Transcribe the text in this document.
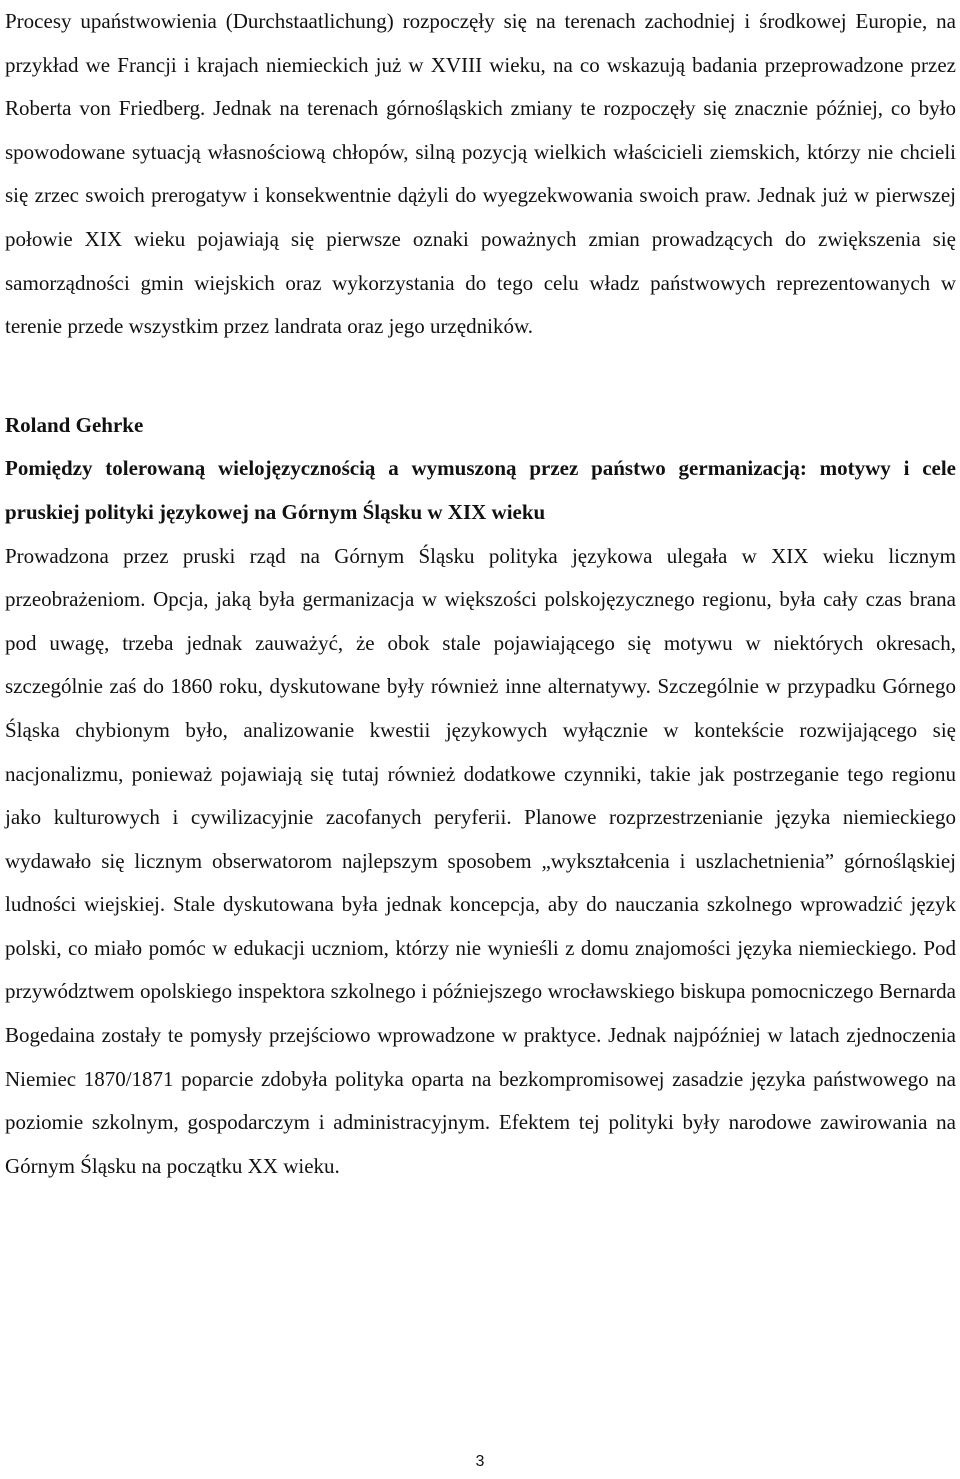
Procesy upaństwowienia (Durchstaatlichung) rozpoczęły się na terenach zachodniej i środkowej Europie, na przykład we Francji i krajach niemieckich już w XVIII wieku, na co wskazują badania przeprowadzone przez Roberta von Friedberg. Jednak na terenach górnośląskich zmiany te rozpoczęły się znacznie później, co było spowodowane sytuacją własnościową chłopów, silną pozycją wielkich właścicieli ziemskich, którzy nie chcieli się zrzec swoich prerogatyw i konsekwentnie dążyli do wyegzekwowania swoich praw. Jednak już w pierwszej połowie XIX wieku pojawiają się pierwsze oznaki poważnych zmian prowadzących do zwiększenia się samorządności gmin wiejskich oraz wykorzystania do tego celu władz państwowych reprezentowanych w terenie przede wszystkim przez landrata oraz jego urzędników.

Roland Gehrke
Pomiędzy tolerowaną wielojęzycznością a wymuszoną przez państwo germanizacją: motywy i cele pruskiej polityki językowej na Górnym Śląsku w XIX wieku

Prowadzona przez pruski rząd na Górnym Śląsku polityka językowa ulegała w XIX wieku licznym przeobrażeniom. Opcja, jaką była germanizacja w większości polskojęzycznego regionu, była cały czas brana pod uwagę, trzeba jednak zauważyć, że obok stale pojawiającego się motywu w niektórych okresach, szczególnie zaś do 1860 roku, dyskutowane były również inne alternatywy. Szczególnie w przypadku Górnego Śląska chybionym było, analizowanie kwestii językowych wyłącznie w kontekście rozwijającego się nacjonalizmu, ponieważ pojawiają się tutaj również dodatkowe czynniki, takie jak postrzeganie tego regionu jako kulturowych i cywilizacyjnie zacofanych peryferii. Planowe rozprzestrzenianie języka niemieckiego wydawało się licznym obserwatorom najlepszym sposobem „wykształcenia i uszlachetnienia” górnośląskiej ludności wiejskiej. Stale dyskutowana była jednak koncepcja, aby do nauczania szkolnego wprowadzić język polski, co miało pomóc w edukacji uczniom, którzy nie wynieśli z domu znajomości języka niemieckiego. Pod przywództwem opolskiego inspektora szkolnego i późniejszego wrocławskiego biskupa pomocniczego Bernarda Bogedaina zostały te pomysły przejściowo wprowadzone w praktyce. Jednak najpóźniej w latach zjednoczenia Niemiec 1870/1871 poparcie zdobyła polityka oparta na bezkompromisowej zasadzie języka państwowego na poziomie szkolnym, gospodarczym i administracyjnym. Efektem tej polityki były narodowe zawirowania na Górnym Śląsku na początku XX wieku.

3
